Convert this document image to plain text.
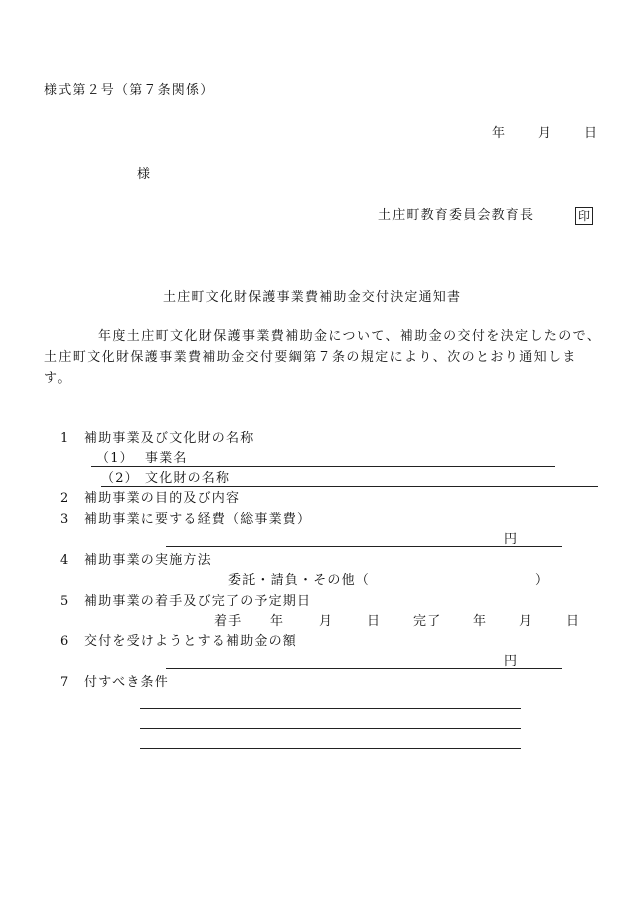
様式第２号（第７条関係）
年 月 日
様
土庄町教育委員会教育長	印
土庄町文化財保護事業費補助金交付決定通知書
年度土庄町文化財保護事業費補助金について、補助金の交付を決定したので、土庄町文化財保護事業費補助金交付要綱第７条の規定により、次のとおり通知します。
1 補助事業及び文化財の名称
（1） 事業名
（2） 文化財の名称
2 補助事業の目的及び内容
3 補助事業に要する経費（総事業費）
円
4 補助事業の実施方法
委託・請負・その他（	）
5 補助事業の着手及び完了の予定期日
着手 年	月	日 完了 年 月	日
6 交付を受けようとする補助金の額
円
7 付すべき条件
